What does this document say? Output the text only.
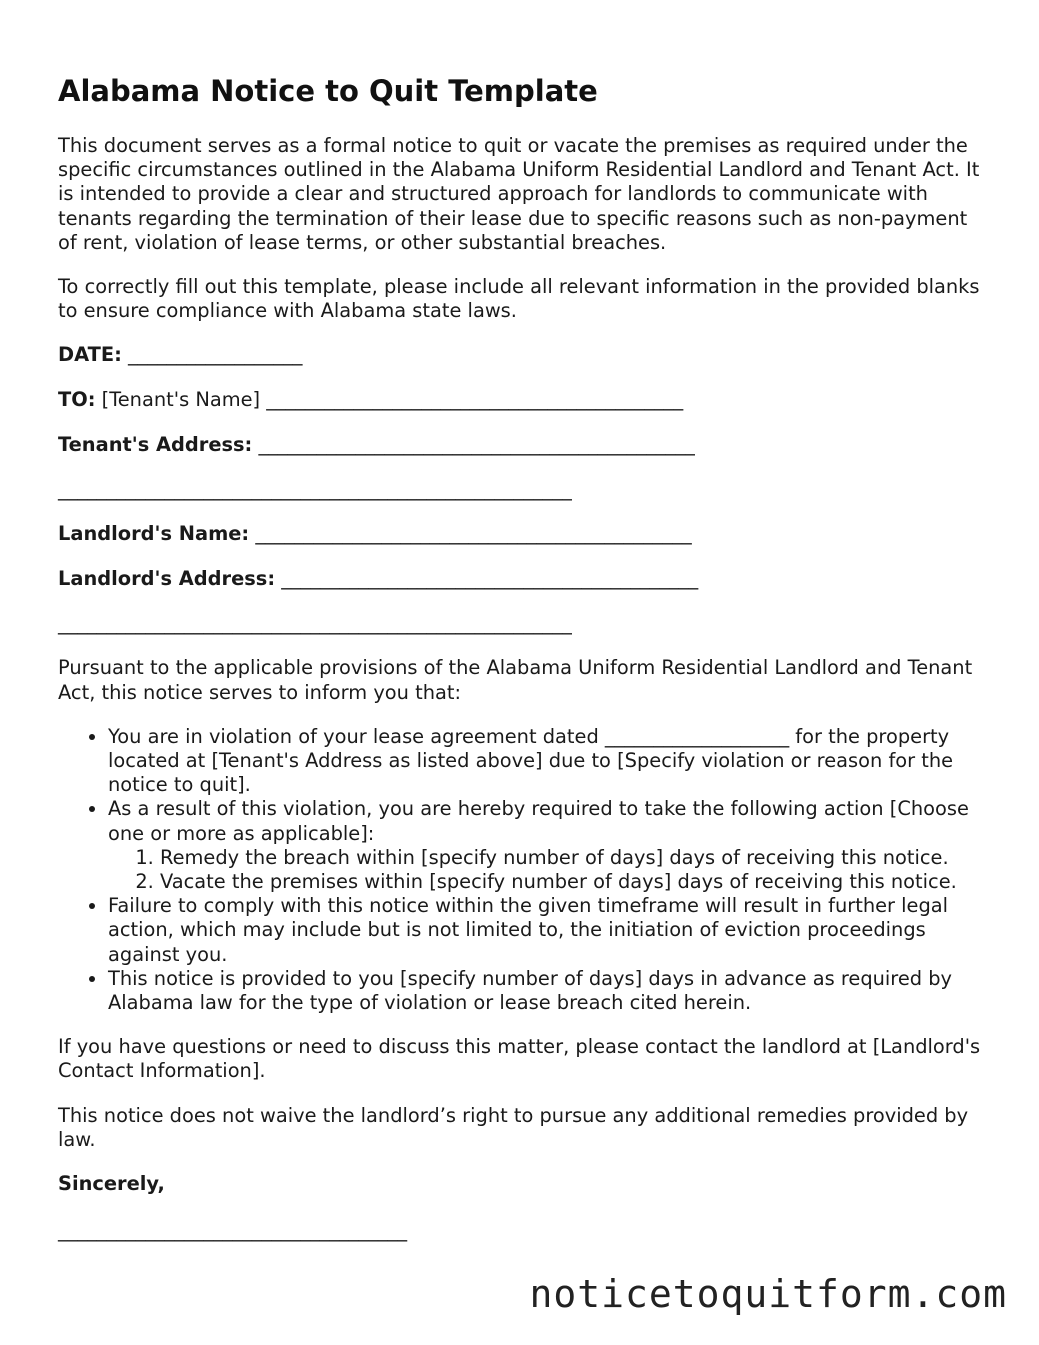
Alabama Notice to Quit Template

This document serves as a formal notice to quit or vacate the premises as required under the specific circumstances outlined in the Alabama Uniform Residential Landlord and Tenant Act. It is intended to provide a clear and structured approach for landlords to communicate with tenants regarding the termination of their lease due to specific reasons such as non-payment of rent, violation of lease terms, or other substantial breaches.

To correctly fill out this template, please include all relevant information in the provided blanks to ensure compliance with Alabama state laws.

DATE: __________________
TO: [Tenant's Name] ___________________________________________
Tenant's Address: _____________________________________________
_____________________________________________________
Landlord's Name: _____________________________________________
Landlord's Address: ___________________________________________
_____________________________________________________

Pursuant to the applicable provisions of the Alabama Uniform Residential Landlord and Tenant Act, this notice serves to inform you that:

• You are in violation of your lease agreement dated ___________________ for the property located at [Tenant's Address as listed above] due to [Specify violation or reason for the notice to quit].
• As a result of this violation, you are hereby required to take the following action [Choose one or more as applicable]:
1. Remedy the breach within [specify number of days] days of receiving this notice.
2. Vacate the premises within [specify number of days] days of receiving this notice.
• Failure to comply with this notice within the given timeframe will result in further legal action, which may include but is not limited to, the initiation of eviction proceedings against you.
• This notice is provided to you [specify number of days] days in advance as required by Alabama law for the type of violation or lease breach cited herein.

If you have questions or need to discuss this matter, please contact the landlord at [Landlord's Contact Information].

This notice does not waive the landlord’s right to pursue any additional remedies provided by law.

Sincerely,
____________________________________
noticetoquitform.com
